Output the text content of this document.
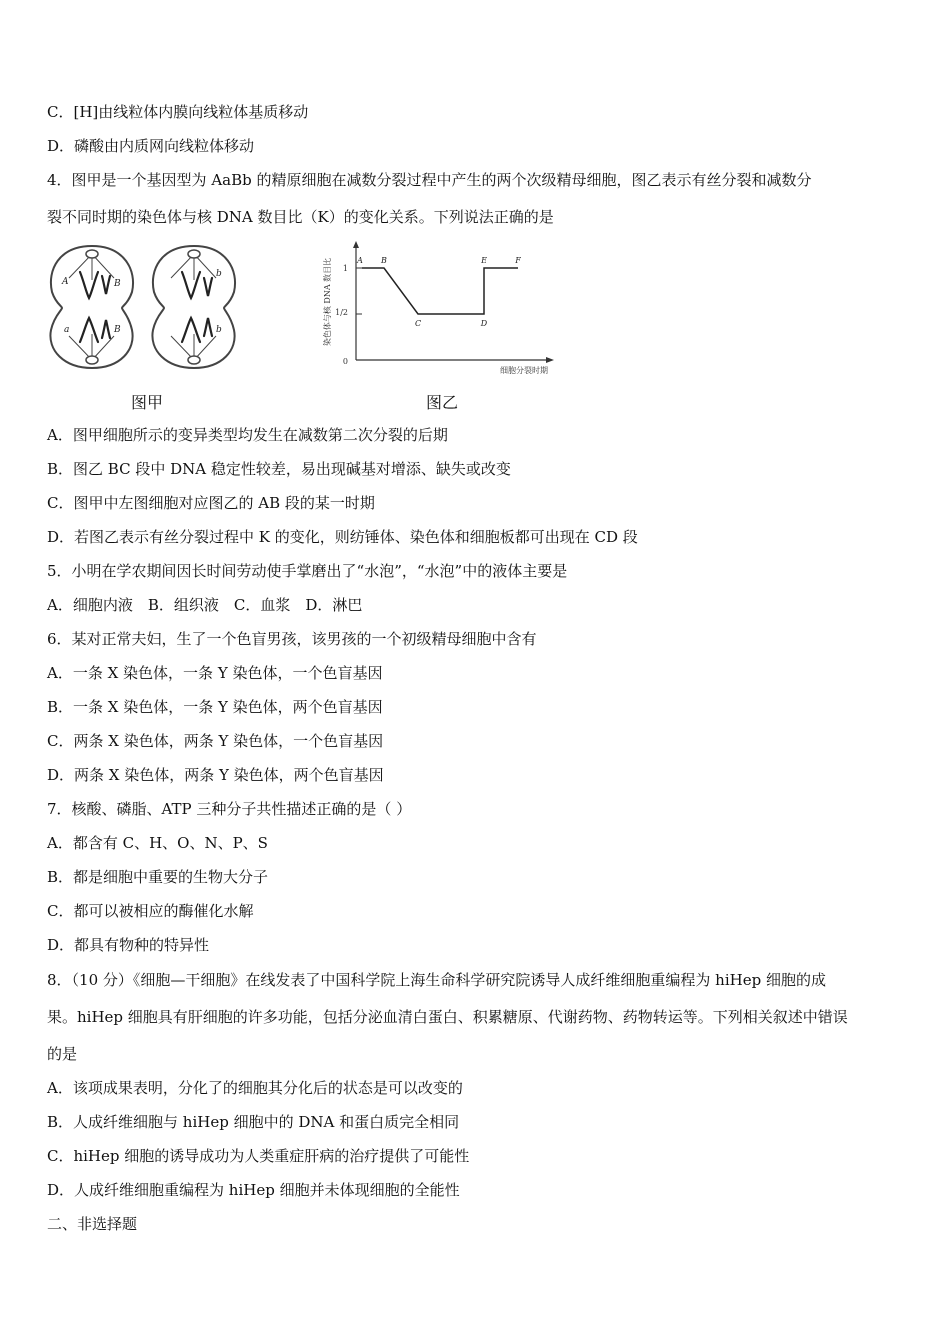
C．[H]由线粒体内膜向线粒体基质移动
D．磷酸由内质网向线粒体移动
4．图甲是一个基因型为 AaBb 的精原细胞在减数分裂过程中产生的两个次级精母细胞，图乙表示有丝分裂和减数分
裂不同时期的染色体与核 DNA 数目比（K）的变化关系。下列说法正确的是
A	B
a	B
b
b
图甲
染色体与核 DNA 数目比
细胞分裂时期
1
1/2
0
A B
C	D
E	F
图乙
A．图甲细胞所示的变异类型均发生在减数第二次分裂的后期
B．图乙 BC 段中 DNA 稳定性较差，易出现碱基对增添、缺失或改变
C．图甲中左图细胞对应图乙的 AB 段的某一时期
D．若图乙表示有丝分裂过程中 K 的变化，则纺锤体、染色体和细胞板都可出现在 CD 段
5．小明在学农期间因长时间劳动使手掌磨出了“水泡”，“水泡”中的液体主要是
A．细胞内液　B．组织液　C．血浆　D．淋巴
6．某对正常夫妇，生了一个色盲男孩，该男孩的一个初级精母细胞中含有
A．一条 X 染色体，一条 Y 染色体，一个色盲基因
B．一条 X 染色体，一条 Y 染色体，两个色盲基因
C．两条 X 染色体，两条 Y 染色体，一个色盲基因
D．两条 X 染色体，两条 Y 染色体，两个色盲基因
7．核酸、磷脂、ATP 三种分子共性描述正确的是（ ）
A．都含有 C、H、O、N、P、S
B．都是细胞中重要的生物大分子
C．都可以被相应的酶催化水解
D．都具有物种的特异性
8．（10 分）《细胞—干细胞》在线发表了中国科学院上海生命科学研究院诱导人成纤维细胞重编程为 hiHep 细胞的成
果。hiHep 细胞具有肝细胞的许多功能，包括分泌血清白蛋白、积累糖原、代谢药物、药物转运等。下列相关叙述中错误
的是
A．该项成果表明，分化了的细胞其分化后的状态是可以改变的
B．人成纤维细胞与 hiHep 细胞中的 DNA 和蛋白质完全相同
C．hiHep 细胞的诱导成功为人类重症肝病的治疗提供了可能性
D．人成纤维细胞重编程为 hiHep 细胞并未体现细胞的全能性
二、非选择题
